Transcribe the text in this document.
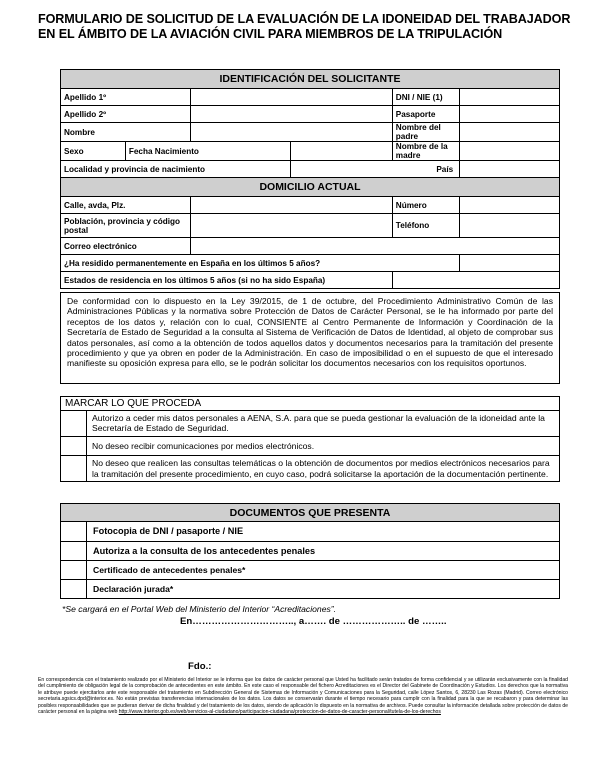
FORMULARIO DE SOLICITUD DE LA EVALUACIÓN DE LA IDONEIDAD DEL TRABAJADOR
EN EL ÁMBITO DE LA AVIACIÓN CIVIL PARA MIEMBROS DE LA TRIPULACIÓN
IDENTIFICACIÓN DEL SOLICITANTE					
Apellido 1º				DNI / NIE (1)	
Apellido 2º				Pasaporte	
Nombre				Nombre del padre	
Sexo	Fecha Nacimiento			Nombre de la madre	
Localidad y provincia de nacimiento			País		

DOMICILIO ACTUAL					
Calle, avda, Plz.				Número	
Población, provincia y código postal				Teléfono	
Correo electrónico					
¿Ha residido permanentemente en España en los últimos 5 años?					
Estados de residencia en los últimos 5 años (si no ha sido España)					
De conformidad con lo dispuesto en la Ley 39/2015, de 1 de octubre, del Procedimiento Administrativo Común de las Administraciones Públicas y la normativa sobre Protección de Datos de Carácter Personal, se le ha informado por parte del receptos de los datos y, relación con lo cual, CONSIENTE al Centro Permanente de Información y Coordinación de la Secretaría de Estado de Seguridad a la consulta al Sistema de Verificación de Datos de Identidad, al objeto de comprobar sus datos personales, así como a la obtención de todos aquellos datos y documentos necesarios para la tramitación del presente procedimiento y que ya obren en poder de la Administración. En caso de imposibilidad o en el supuesto de que el interesado manifieste su oposición expresa para ello, se le podrán solicitar los documentos necesarios con los requisitos oportunos.
MARCAR LO QUE PROCEDA
Autorizo a ceder mis datos personales a AENA, S.A. para que se pueda gestionar la evaluación de la idoneidad ante la Secretaría de Estado de Seguridad.
No deseo recibir comunicaciones por medios electrónicos.
No deseo que realicen las consultas telemáticas o la obtención de documentos por medios electrónicos necesarios para la tramitación del presente procedimiento, en cuyo caso, podrá solicitarse la aportación de la documentación pertinente.
DOCUMENTOS QUE PRESENTA
Fotocopia de DNI / pasaporte / NIE
Autoriza a la consulta de los antecedentes penales
Certificado de antecedentes penales*
Declaración jurada*
*Se cargará en el Portal Web del Ministerio del Interior “Acreditaciones”.
En………………………….., a……. de ……………….. de ……..
Fdo.:
En correspondencia con el tratamiento realizado por el Ministerio del Interior se le informa que los datos de carácter personal que Usted ha facilitado serán tratados de forma confidencial y se utilizarán exclusivamente con la finalidad del cumplimiento de obligación legal de la comprobación de antecedentes en este ámbito. En este caso el responsable del fichero Acreditaciones es el Director del Gabinete de Coordinación y Estudios. Los derechos que la normativa le atribuye puede ejercitarlos ante este responsable del tratamiento en Subdirección General de Sistemas de Información y Comunicaciones para la Seguridad, calle López Santos, 6, 28230 Las Rozas (Madrid). Correo electrónico secretaria.sgsics.dpd@interior.es. No están previstas transferencias internacionales de los datos. Los datos se conservarán durante el tiempo necesario para cumplir con la finalidad para la que se recabaron y para determinar las posibles responsabilidades que se pudieran derivar de dicha finalidad y del tratamiento de los datos, siendo de aplicación lo dispuesto en la normativa de archivos. Puede consultar la información detallada sobre protección de datos de carácter personal en la página web http://www.interior.gob.es/web/servicios-al-ciudadano/participacion-ciudadana/proteccion-de-datos-de-caracter-personal/tutela-de-los-derechos
